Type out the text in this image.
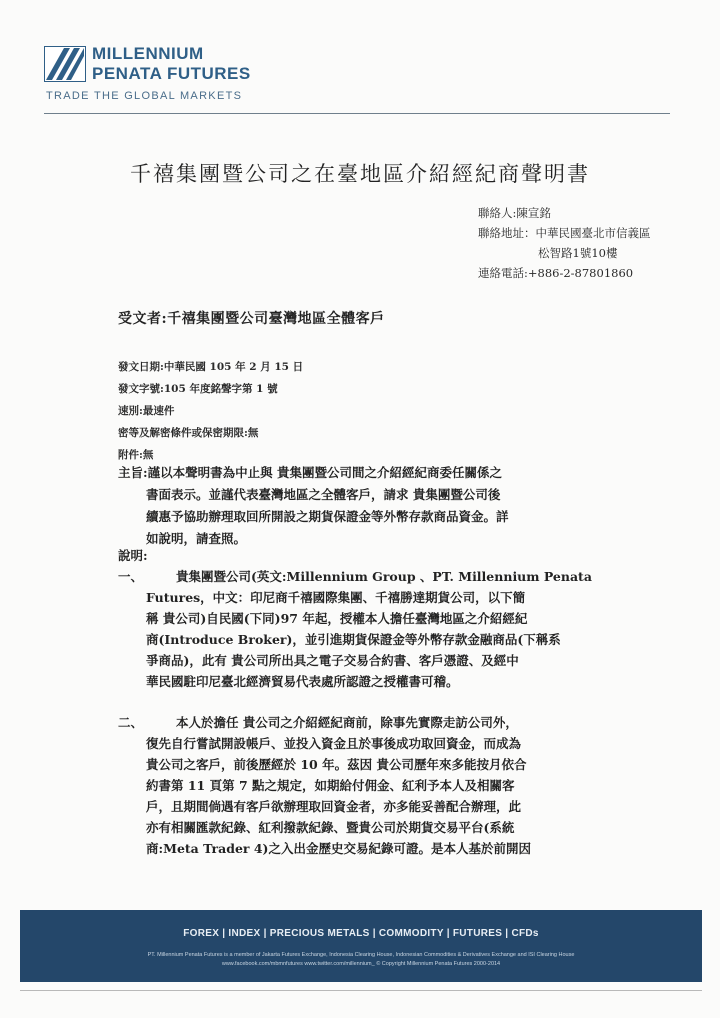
MILLENNIUM
PENATA FUTURES
TRADE THE GLOBAL MARKETS
千禧集團暨公司之在臺地區介紹經紀商聲明書
聯絡人:陳宣銘
聯絡地址：中華民國臺北市信義區
松智路1號10樓
連絡電話:+886-2-87801860
受文者:千禧集團暨公司臺灣地區全體客戶
發文日期:中華民國 105 年 2 月 15 日
發文字號:105 年度銘聲字第 1 號
速別:最速件
密等及解密條件或保密期限:無
附件:無
主旨:謹以本聲明書為中止與 貴集團暨公司間之介紹經紀商委任關係之
書面表示。並謹代表臺灣地區之全體客戶，請求 貴集團暨公司後
續惠予協助辦理取回所開設之期貨保證金等外幣存款商品資金。詳
如說明，請查照。
說明:
一、	貴集團暨公司(英文:Millennium Group 、PT. Millennium Penata
Futures，中文：印尼商千禧國際集團、千禧勝達期貨公司，以下簡
稱 貴公司)自民國(下同)97 年起，授權本人擔任臺灣地區之介紹經紀
商(Introduce Broker)，並引進期貨保證金等外幣存款金融商品(下稱系
爭商品)，此有 貴公司所出具之電子交易合約書、客戶憑證、及經中
華民國駐印尼臺北經濟貿易代表處所認證之授權書可稽。
二、	本人於擔任 貴公司之介紹經紀商前，除事先實際走訪公司外，
復先自行嘗試開設帳戶、並投入資金且於事後成功取回資金，而成為
貴公司之客戶，前後歷經於 10 年。茲因 貴公司歷年來多能按月依合
約書第 11 頁第 7 點之規定，如期給付佣金、紅利予本人及相關客
戶，且期間倘遇有客戶欲辦理取回資金者，亦多能妥善配合辦理，此
亦有相關匯款紀錄、紅利撥款紀錄、暨貴公司於期貨交易平台(系統
商:Meta Trader 4)之入出金歷史交易紀錄可證。是本人基於前開因
FOREX | INDEX | PRECIOUS METALS | COMMODITY | FUTURES | CFDs
PT. Millennium Penata Futures is a member of Jakarta Futures Exchange, Indonesia Clearing House, Indonesian Commodities & Derivatives Exchange and ISI Clearing House
www.facebook.com/mbmnfutures www.twitter.com/millennium_ © Copyright Millennium Penata Futures 2000-2014
